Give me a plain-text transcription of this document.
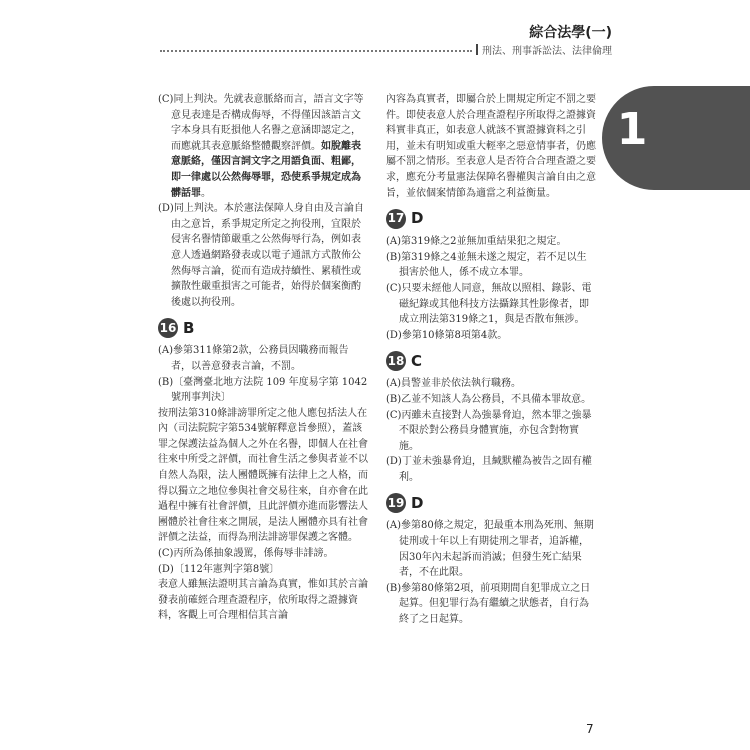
綜合法學(一)
刑法、刑事訴訟法、法律倫理
1

(C)同上判決。先就表意脈絡而言，語言文字等意見表達是否構成侮辱，不得僅因該語言文字本身具有貶損他人名譽之意涵即認定之，而應就其表意脈絡整體觀察評價。如脫離表意脈絡，僅因言詞文字之用語負面、粗鄙，即一律處以公然侮辱罪，恐使系爭規定成為髒話罪。

(D)同上判決。本於憲法保障人身自由及言論自由之意旨，系爭規定所定之拘役刑，宜限於侵害名譽情節嚴重之公然侮辱行為，例如表意人透過網路發表或以電子通訊方式散佈公然侮辱言論，從而有造成持續性、累積性或擴散性嚴重損害之可能者，始得於個案衡酌後處以拘役刑。

16 B

(A)參第311條第2款，公務員因職務而報告者，以善意發表言論，不罰。

(B)〔臺灣臺北地方法院 109 年度易字第 1042 號刑事判決〕

按刑法第310條誹謗罪所定之他人應包括法人在內（司法院院字第534號解釋意旨參照），蓋該罪之保護法益為個人之外在名譽，即個人在社會往來中所受之評價，而社會生活之參與者並不以自然人為限，法人團體既擁有法律上之人格，而得以獨立之地位參與社會交易往來，自亦會在此過程中擁有社會評價，且此評價亦進而影響法人團體於社會往來之開展，是法人團體亦具有社會評價之法益，而得為刑法誹謗罪保護之客體。

(C)丙所為係抽象謾罵，係侮辱非誹謗。

(D)〔112年憲判字第8號〕

表意人雖無法證明其言論為真實，惟如其於言論發表前確經合理查證程序，依所取得之證據資料，客觀上可合理相信其言論

內容為真實者，即屬合於上開規定所定不罰之要件。即使表意人於合理查證程序所取得之證據資料實非真正，如表意人就該不實證據資料之引用，並未有明知或重大輕率之惡意情事者，仍應屬不罰之情形。至表意人是否符合合理查證之要求，應充分考量憲法保障名譽權與言論自由之意旨，並依個案情節為適當之利益衡量。

17 D

(A)第319條之2並無加重結果犯之規定。

(B)第319條之4並無未遂之規定，若不足以生損害於他人，係不成立本罪。

(C)只要未經他人同意，無故以照相、錄影、電磁紀錄或其他科技方法攝錄其性影像者，即成立刑法第319條之1，與是否散布無涉。

(D)參第10條第8項第4款。

18 C

(A)員警並非於依法執行職務。

(B)乙並不知該人為公務員，不具備本罪故意。

(C)丙雖未直接對人為強暴脅迫，然本罪之強暴不限於對公務員身體實施，亦包含對物實施。

(D)丁並未強暴脅迫，且緘默權為被告之固有權利。

19 D

(A)參第80條之規定，犯最重本刑為死刑、無期徒刑或十年以上有期徒刑之罪者，追訴權，因30年內未起訴而消滅；但發生死亡結果者，不在此限。

(B)參第80條第2項，前項期間自犯罪成立之日起算。但犯罪行為有繼續之狀態者，自行為終了之日起算。

7
